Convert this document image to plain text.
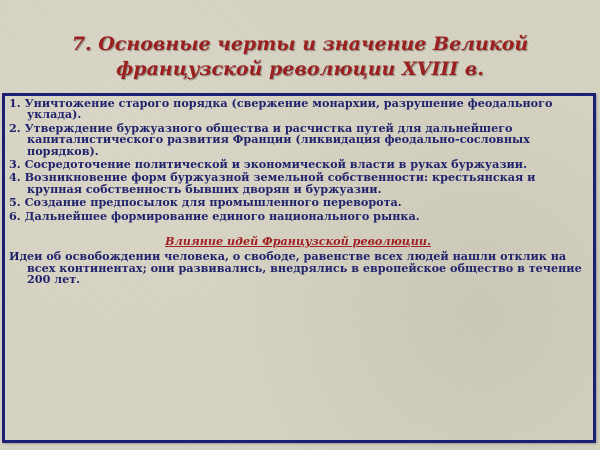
7. Основные черты и значение Великой французской революции XVIII в.
1. Уничтожение старого порядка (свержение монархии, разрушение феодального уклада).
2. Утверждение буржуазного общества и расчистка путей для дальнейшего капиталистического развития Франции (ликвидация феодально-сословных порядков).
3. Сосредоточение политической и экономической власти в руках буржуазии.
4. Возникновение форм буржуазной земельной собственности: крестьянская и крупная собственность бывших дворян и буржуазии.
5. Создание предпосылок для промышленного переворота.
6. Дальнейшее формирование единого национального рынка.
Влияние идей Французской революции.
Идеи об освобождении человека, о свободе, равенстве всех людей нашли отклик на всех континентах; они развивались, внедрялись в европейское общество в течение 200 лет.
